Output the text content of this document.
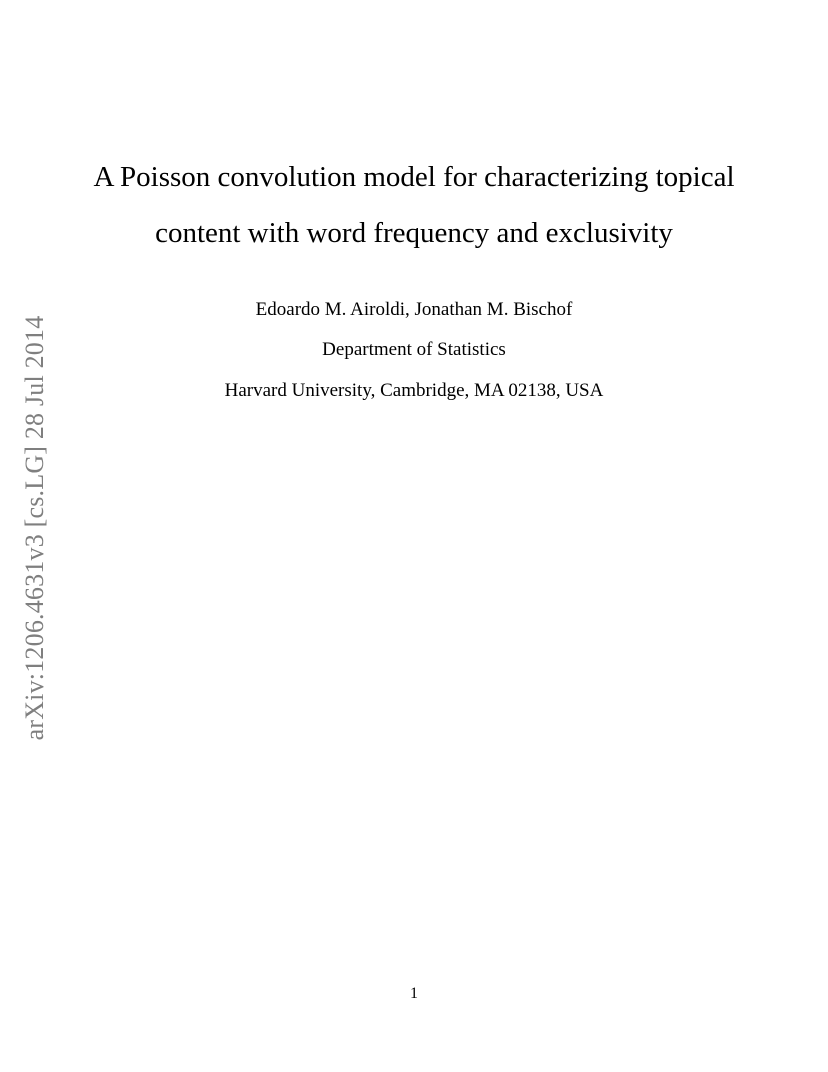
arXiv:1206.4631v3 [cs.LG] 28 Jul 2014
A Poisson convolution model for characterizing topical
content with word frequency and exclusivity
Edoardo M. Airoldi, Jonathan M. Bischof
Department of Statistics
Harvard University, Cambridge, MA 02138, USA
1
